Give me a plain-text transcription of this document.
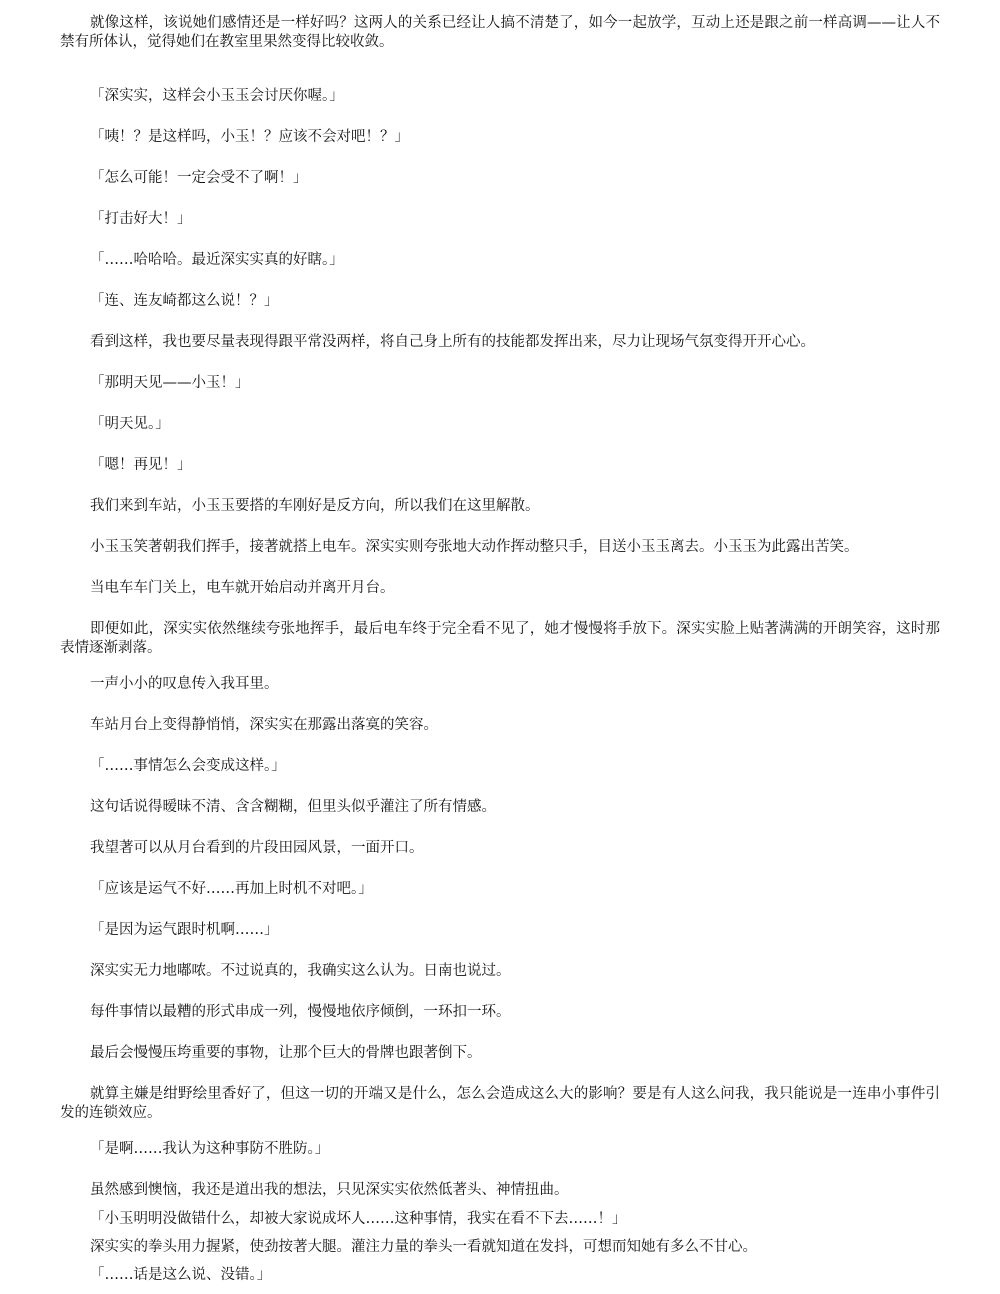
就像这样，该说她们感情还是一样好吗？这两人的关系已经让人搞不清楚了，如今一起放学，互动上还是跟之前一样高调——让人不禁有所体认，觉得她们在教室里果然变得比较收敛。

「深实实，这样会小玉玉会讨厌你喔。」

「咦！？是这样吗，小玉！？应该不会对吧！？」

「怎么可能！一定会受不了啊！」

「打击好大！」

「……哈哈哈。最近深实实真的好瞎。」

「连、连友崎都这么说！？」

看到这样，我也要尽量表现得跟平常没两样，将自己身上所有的技能都发挥出来，尽力让现场气氛变得开开心心。

「那明天见——小玉！」

「明天见。」

「嗯！再见！」

我们来到车站，小玉玉要搭的车刚好是反方向，所以我们在这里解散。

小玉玉笑著朝我们挥手，接著就搭上电车。深实实则夸张地大动作挥动整只手，目送小玉玉离去。小玉玉为此露出苦笑。

当电车车门关上，电车就开始启动并离开月台。

即便如此，深实实依然继续夸张地挥手，最后电车终于完全看不见了，她才慢慢将手放下。深实实脸上贴著满满的开朗笑容，这时那表情逐渐剥落。

一声小小的叹息传入我耳里。

车站月台上变得静悄悄，深实实在那露出落寞的笑容。

「……事情怎么会变成这样。」

这句话说得暧昧不清、含含糊糊，但里头似乎灌注了所有情感。

我望著可以从月台看到的片段田园风景，一面开口。

「应该是运气不好……再加上时机不对吧。」

「是因为运气跟时机啊……」

深实实无力地嘟哝。不过说真的，我确实这么认为。日南也说过。

每件事情以最糟的形式串成一列，慢慢地依序倾倒，一环扣一环。

最后会慢慢压垮重要的事物，让那个巨大的骨牌也跟著倒下。

就算主嫌是绀野绘里香好了，但这一切的开端又是什么，怎么会造成这么大的影响？要是有人这么问我，我只能说是一连串小事件引发的连锁效应。

「是啊……我认为这种事防不胜防。」

虽然感到懊恼，我还是道出我的想法，只见深实实依然低著头、神情扭曲。

「小玉明明没做错什么，却被大家说成坏人……这种事情，我实在看不下去……！」

深实实的拳头用力握紧，使劲按著大腿。灌注力量的拳头一看就知道在发抖，可想而知她有多么不甘心。

「……话是这么说、没错。」
